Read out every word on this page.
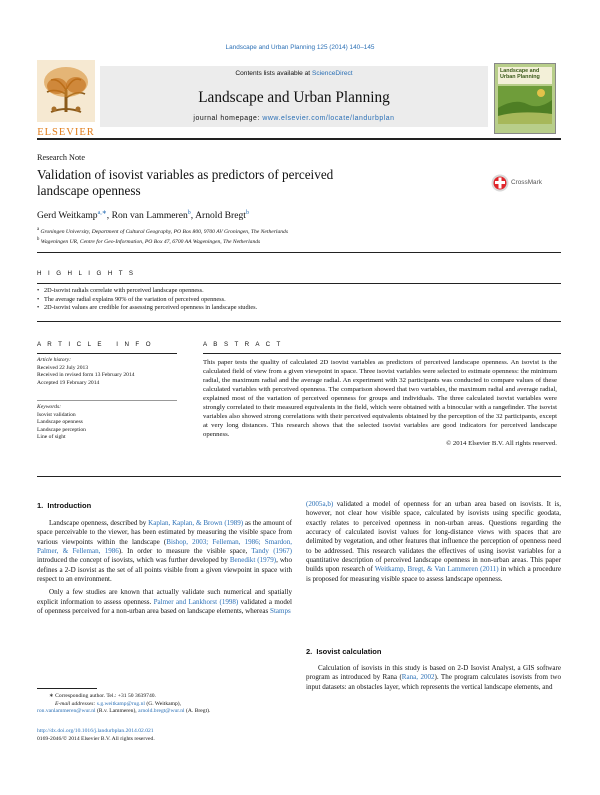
Landscape and Urban Planning 125 (2014) 140–145
ELSEVIER
Contents lists available at ScienceDirect
Landscape and Urban Planning
journal homepage: www.elsevier.com/locate/landurbplan
Landscape and Urban Planning
Research Note
Validation of isovist variables as predictors of perceived
landscape openness
CrossMark
Gerd Weitkamp$^{a,∗}$, Ron van Lammeren$^b$, Arnold Bregt$^b$
$^a$ Groningen University, Department of Cultural Geography, PO Box 800, 9700 AV Groningen, The Netherlands
$^b$ Wageningen UR, Centre for Geo-Information, PO Box 47, 6700 AA Wageningen, The Netherlands
H I G H L I G H T S
• 2D-isovist radials correlate with perceived landscape openness.
• The average radial explains 90% of the variation of perceived openness.
• 2D-isovist values are credible for assessing perceived openness in landscape studies.
A R T I C L E   I N F O
Article history:
Received 22 July 2013
Received in revised form 13 February 2014
Accepted 19 February 2014
Keywords:
Isovist validation
Landscape openness
Landscape perception
Line of sight
A B S T R A C T
This paper tests the quality of calculated 2D isovist variables as predictors of perceived landscape openness. An isovist is the calculated field of view from a given viewpoint in space. Three isovist variables were selected to estimate openness: the minimum radial, the maximum radial and the average radial. An experiment with 32 participants was conducted to compare values of these calculated variables with perceived openness. The comparison showed that two variables, the maximum radial and average radial, explained most of the variation of perceived openness for groups and individuals. The three calculated isovist variables were strongly correlated to their measured equivalents in the field, which were obtained with a binocular with a rangefinder. The isovist variables also showed strong correlations with their perceived equivalents obtained by the perception of the 32 participants, except at very long distances. This research shows that the selected isovist variables are good indicators for perceived landscape openness.
© 2014 Elsevier B.V. All rights reserved.
1.  Introduction

Landscape openness, described by Kaplan, Kaplan, & Brown (1989) as the amount of space perceivable to the viewer, has been estimated by measuring the visible space from various viewpoints within the landscape (Bishop, 2003; Felleman, 1986; Smardon, Palmer, & Felleman, 1986). In order to measure the visible space, Tandy (1967) introduced the concept of isovists, which was further developed by Benedikt (1979), who defines a 2-D isovist as the set of all points visible from a given viewpoint in space with respect to an environment.

Only a few studies are known that actually validate such numerical and spatially explicit information to assess openness. Palmer and Lankhorst (1998) validated a model of openness perceived for a non-urban area based on landscape elements, whereas Stamps

(2005a,b) validated a model of openness for an urban area based on isovists. It is, however, not clear how visible space, calculated by isovists using specific geodata, exactly relates to perceived openness in non-urban areas. Questions regarding the accuracy of calculated isovist values for long-distance views with spaces that are delimited by vegetation, and other features that influence the perception of openness need to be addressed. This research validates the effectives of using isovist variables for a quantitative description of perceived landscape openness in non-urban areas. This paper builds upon research of Weitkamp, Bregt, & Van Lammeren (2011) in which a procedure is proposed for measuring visible space to assess landscape openness.

2.  Isovist calculation

Calculation of isovists in this study is based on 2-D Isovist Analyst, a GIS software program as introduced by Rana (Rana, 2002). The program calculates isovists from two input datasets: an obstacles layer, which represents the vertical landscape elements, and

∗ Corresponding author. Tel.: +31 50 3639740.
E-mail addresses: s.g.weitkamp@rug.nl (G. Weitkamp),
ron.vanlammeren@wur.nl (R.v. Lammeren), arnold.bregt@wur.nl (A. Bregt).
http://dx.doi.org/10.1016/j.landurbplan.2014.02.021
0169-2046/© 2014 Elsevier B.V. All rights reserved.
